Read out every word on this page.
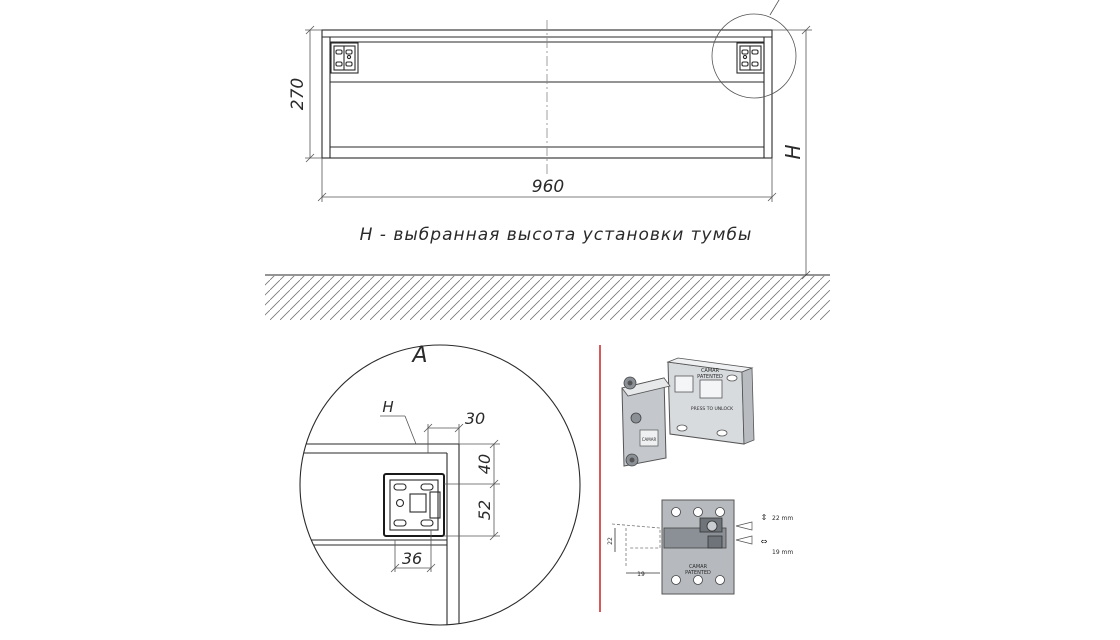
270
960
H
H - выбранная высота установки тумбы
A
H
30
40
52
36
CAMAR
PATENTED
PRESS TO UNLOCK
CAMAR
CAMAR
PATENTED
22
19
⇕
⇔
22 mm
19 mm
